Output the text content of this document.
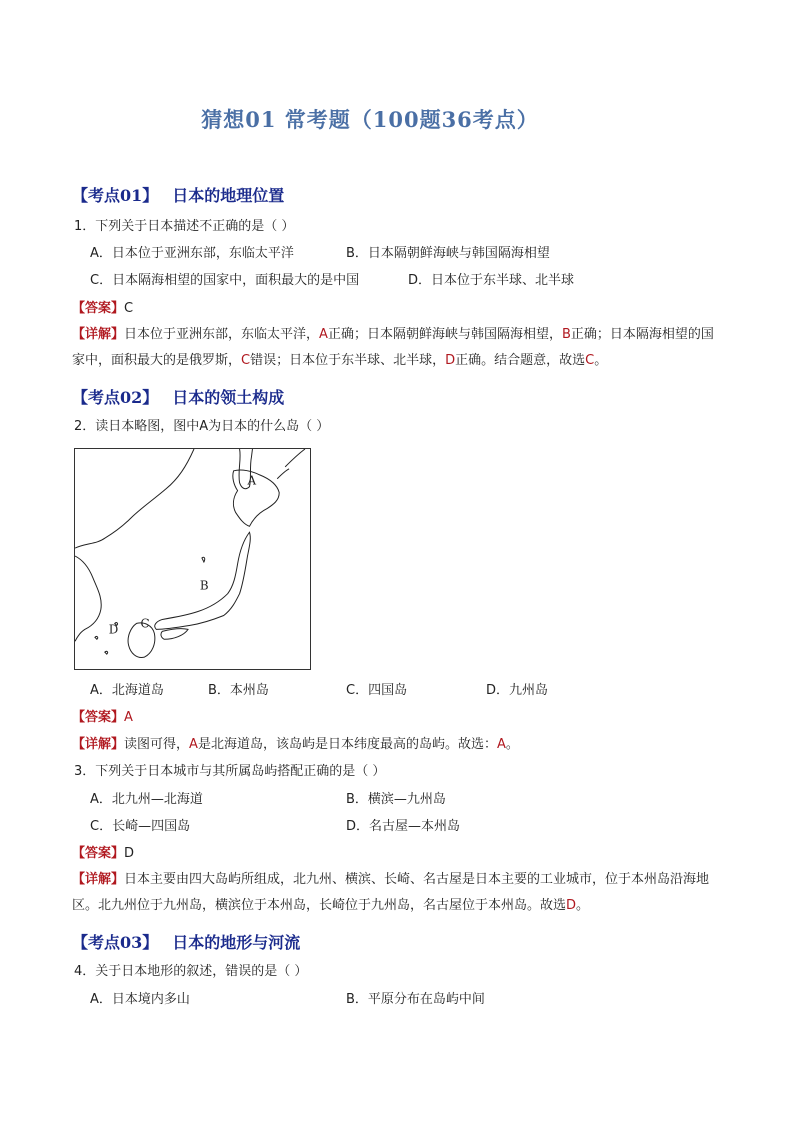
猜想01 常考题（100题36考点）
【考点01】 日本的地理位置
1．下列关于日本描述不正确的是（ ）
A．日本位于亚洲东部，东临太平洋	B．日本隔朝鲜海峡与韩国隔海相望
C．日本隔海相望的国家中，面积最大的是中国	D．日本位于东半球、北半球
【答案】C
【详解】日本位于亚洲东部，东临太平洋，A正确；日本隔朝鲜海峡与韩国隔海相望，B正确；日本隔海相望的国家中，面积最大的是俄罗斯，C错误；日本位于东半球、北半球，D正确。结合题意，故选C。
【考点02】 日本的领土构成
2．读日本略图，图中A为日本的什么岛（ ）
A
B
C
D
A．北海道岛	B．本州岛	C．四国岛	D．九州岛
【答案】A
【详解】读图可得，A是北海道岛，该岛屿是日本纬度最高的岛屿。故选：A。
3．下列关于日本城市与其所属岛屿搭配正确的是（ ）
A．北九州—北海道	B．横滨—九州岛
C．长崎—四国岛	D．名古屋—本州岛
【答案】D
【详解】日本主要由四大岛屿所组成，北九州、横滨、长崎、名古屋是日本主要的工业城市，位于本州岛沿海地区。北九州位于九州岛，横滨位于本州岛，长崎位于九州岛，名古屋位于本州岛。故选D。
【考点03】 日本的地形与河流
4．关于日本地形的叙述，错误的是（ ）
A．日本境内多山	B．平原分布在岛屿中间
